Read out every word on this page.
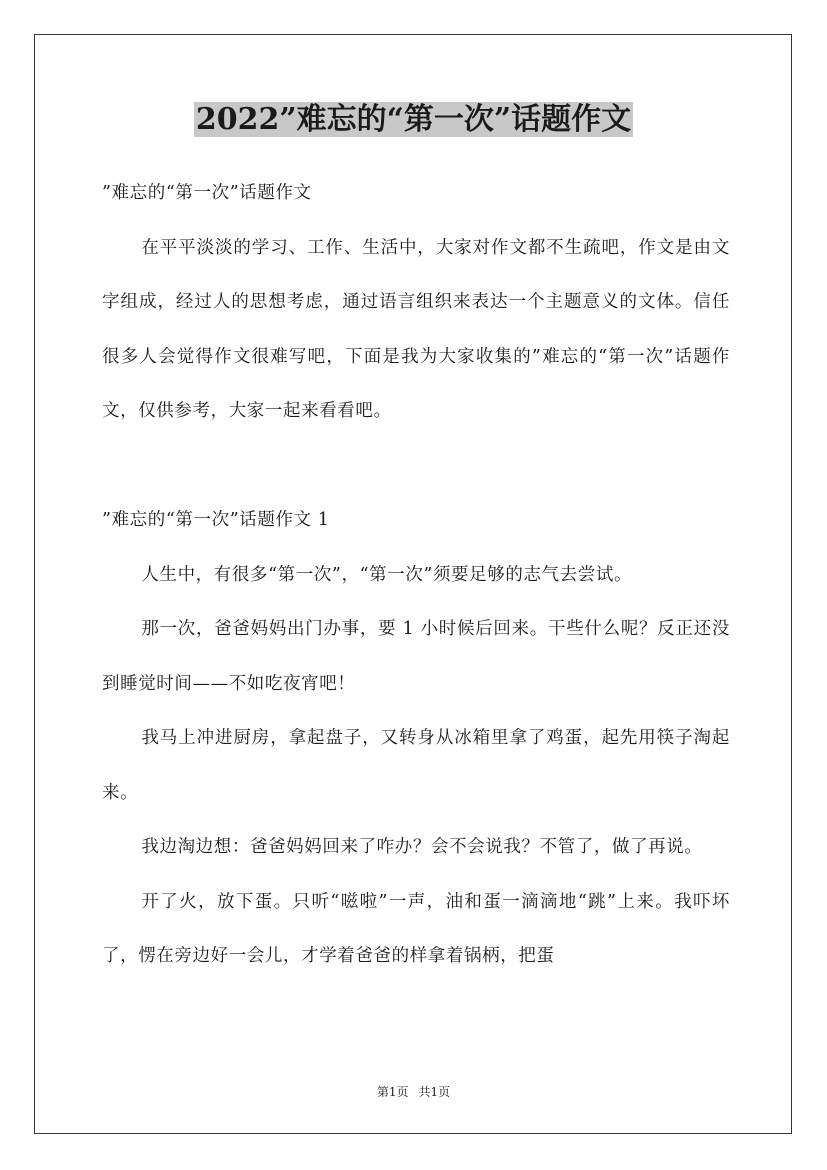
2022”难忘的“第一次”话题作文

”难忘的“第一次”话题作文

在平平淡淡的学习、工作、生活中，大家对作文都不生疏吧，作文是由文字组成，经过人的思想考虑，通过语言组织来表达一个主题意义的文体。信任很多人会觉得作文很难写吧，下面是我为大家收集的”难忘的“第一次”话题作文，仅供参考，大家一起来看看吧。

”难忘的“第一次”话题作文 1

人生中，有很多“第一次”，“第一次”须要足够的志气去尝试。

那一次，爸爸妈妈出门办事，要 1 小时候后回来。干些什么呢？反正还没到睡觉时间——不如吃夜宵吧！

我马上冲进厨房，拿起盘子，又转身从冰箱里拿了鸡蛋，起先用筷子淘起来。

我边淘边想：爸爸妈妈回来了咋办？会不会说我？不管了，做了再说。

开了火，放下蛋。只听“嗞啦”一声，油和蛋一滴滴地“跳”上来。我吓坏了，愣在旁边好一会儿，才学着爸爸的样拿着锅柄，把蛋

第1页 共1页
